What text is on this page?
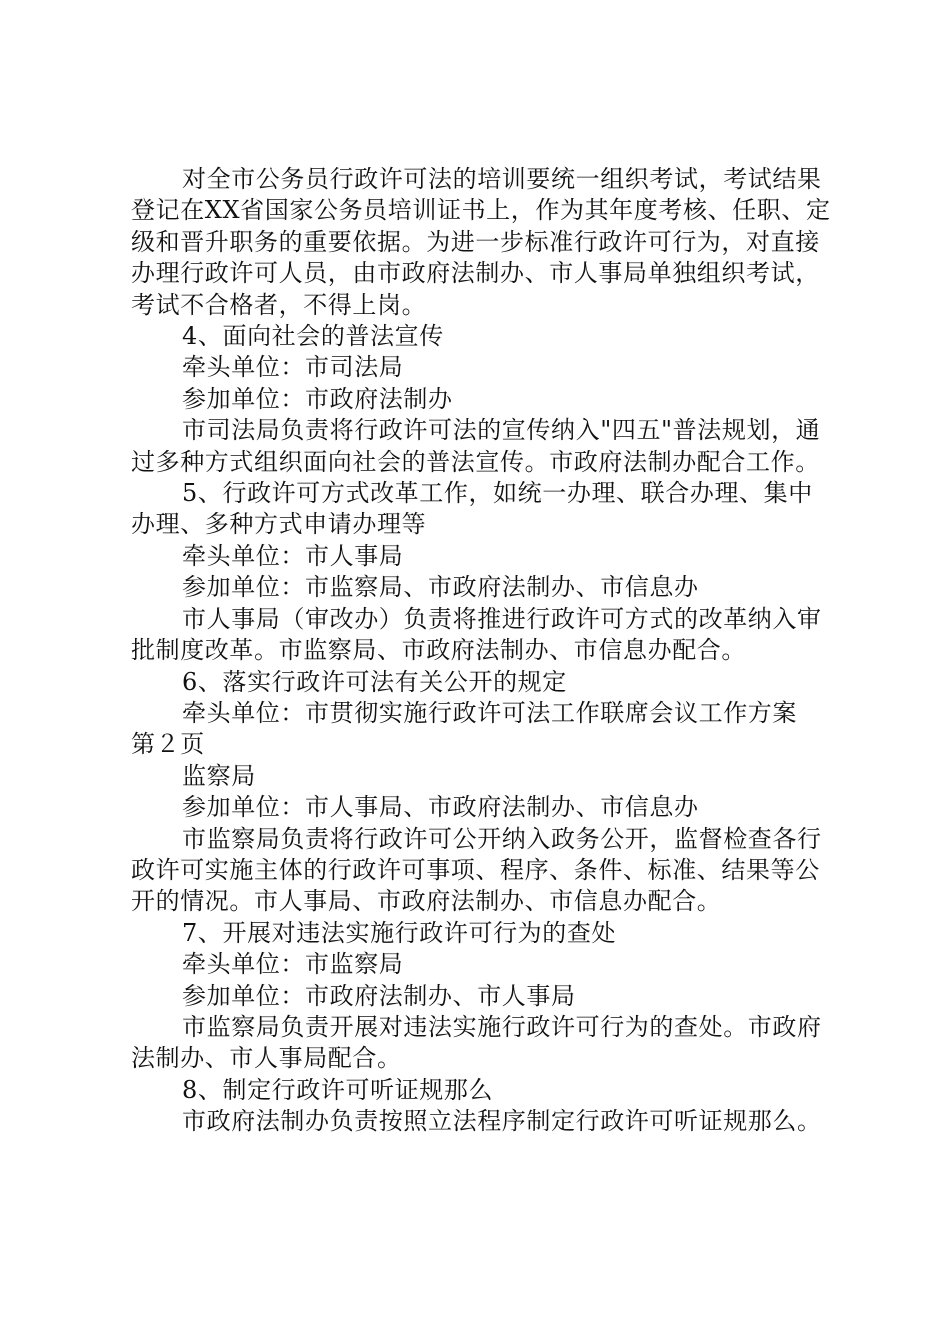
对全市公务员行政许可法的培训要统一组织考试，考试结果登记在XX省国家公务员培训证书上，作为其年度考核、任职、定级和晋升职务的重要依据。为进一步标准行政许可行为，对直接办理行政许可人员，由市政府法制办、市人事局单独组织考试，考试不合格者，不得上岗。

4、面向社会的普法宣传

牵头单位：市司法局

参加单位：市政府法制办

市司法局负责将行政许可法的宣传纳入"四五"普法规划，通过多种方式组织面向社会的普法宣传。市政府法制办配合工作。

5、行政许可方式改革工作，如统一办理、联合办理、集中办理、多种方式申请办理等

牵头单位：市人事局

参加单位：市监察局、市政府法制办、市信息办

市人事局（审改办）负责将推进行政许可方式的改革纳入审批制度改革。市监察局、市政府法制办、市信息办配合。

6、落实行政许可法有关公开的规定

牵头单位：市贯彻实施行政许可法工作联席会议工作方案

第２页

监察局

参加单位：市人事局、市政府法制办、市信息办

市监察局负责将行政许可公开纳入政务公开，监督检查各行政许可实施主体的行政许可事项、程序、条件、标准、结果等公开的情况。市人事局、市政府法制办、市信息办配合。

7、开展对违法实施行政许可行为的查处

牵头单位：市监察局

参加单位：市政府法制办、市人事局

市监察局负责开展对违法实施行政许可行为的查处。市政府法制办、市人事局配合。

8、制定行政许可听证规那么

市政府法制办负责按照立法程序制定行政许可听证规那么。
